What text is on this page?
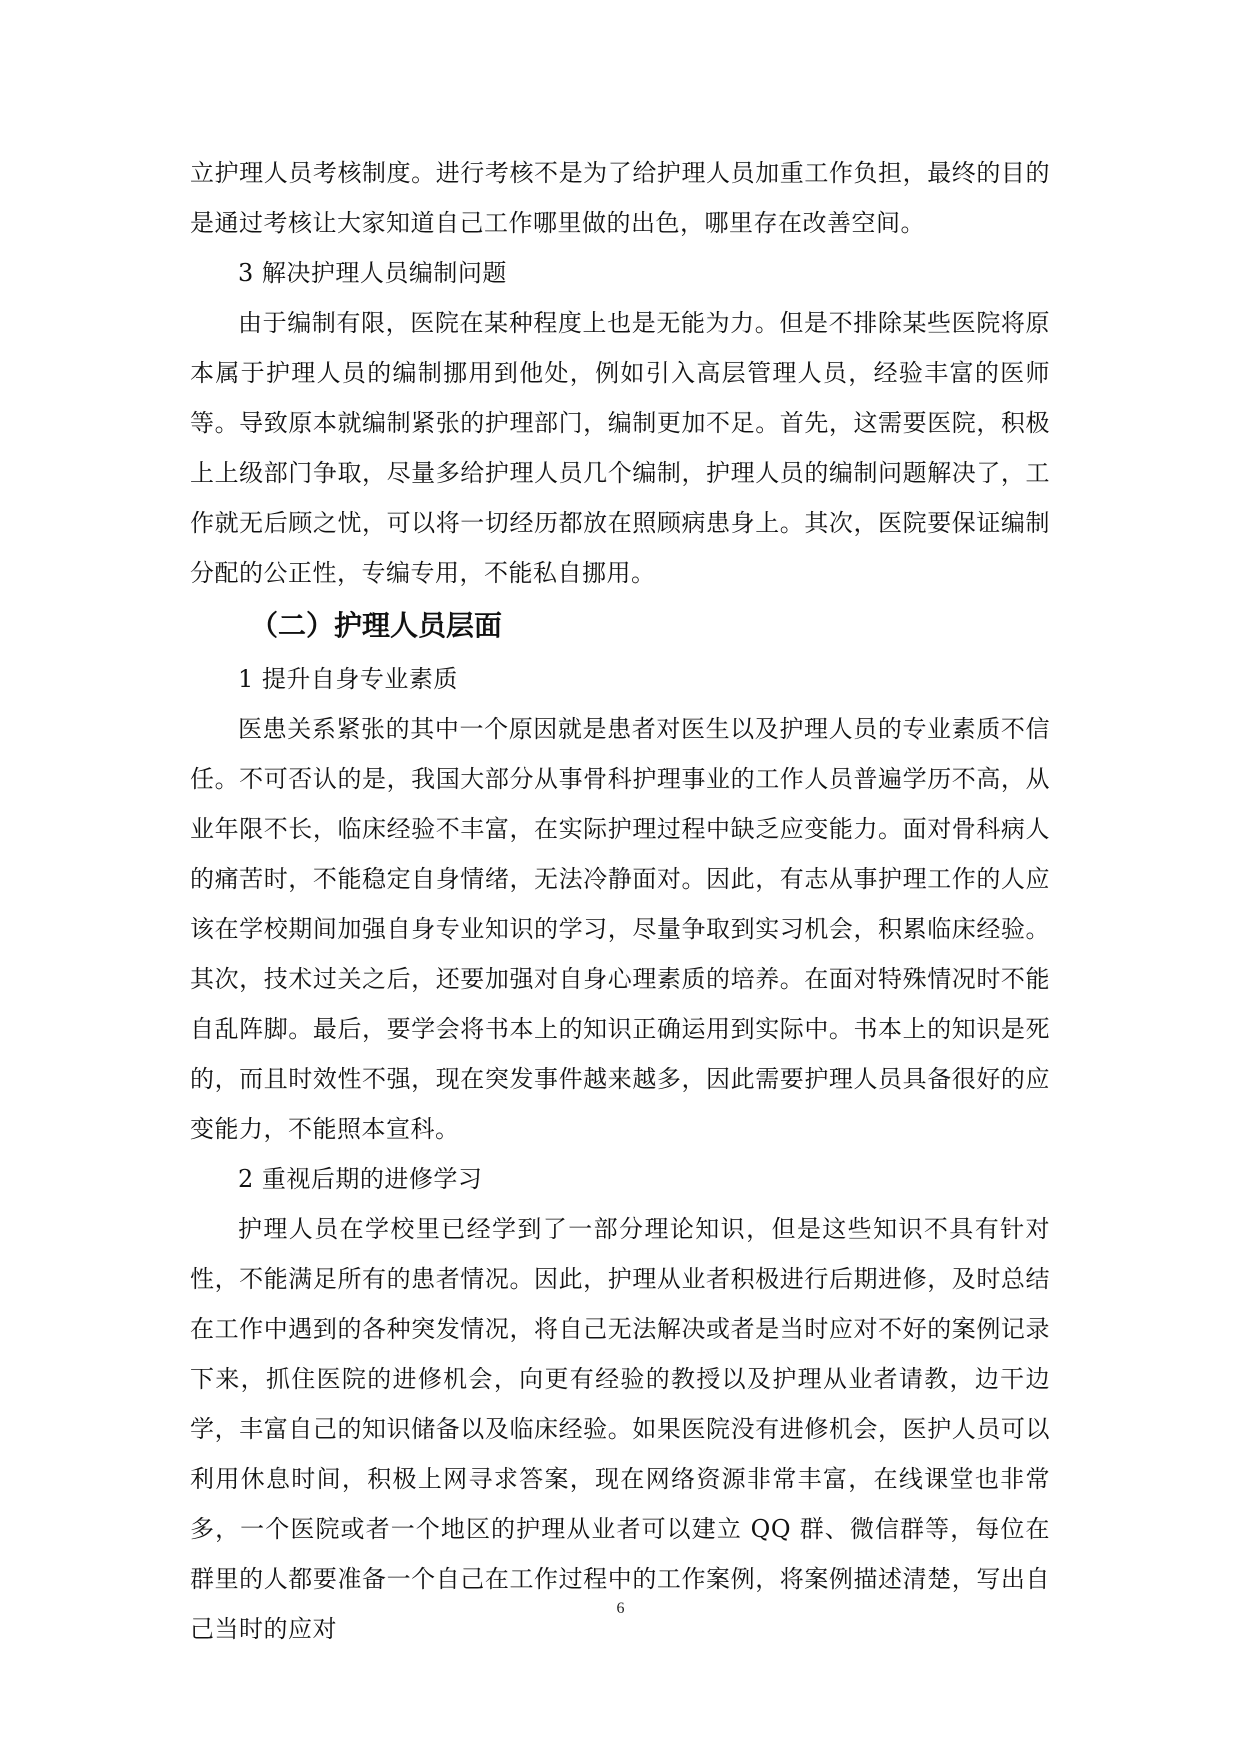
立护理人员考核制度。进行考核不是为了给护理人员加重工作负担，最终的目的是通过考核让大家知道自己工作哪里做的出色，哪里存在改善空间。

3 解决护理人员编制问题

由于编制有限，医院在某种程度上也是无能为力。但是不排除某些医院将原本属于护理人员的编制挪用到他处，例如引入高层管理人员，经验丰富的医师等。导致原本就编制紧张的护理部门，编制更加不足。首先，这需要医院，积极上上级部门争取，尽量多给护理人员几个编制，护理人员的编制问题解决了，工作就无后顾之忧，可以将一切经历都放在照顾病患身上。其次，医院要保证编制分配的公正性，专编专用，不能私自挪用。

（二）护理人员层面

1 提升自身专业素质

医患关系紧张的其中一个原因就是患者对医生以及护理人员的专业素质不信任。不可否认的是，我国大部分从事骨科护理事业的工作人员普遍学历不高，从业年限不长，临床经验不丰富，在实际护理过程中缺乏应变能力。面对骨科病人的痛苦时，不能稳定自身情绪，无法冷静面对。因此，有志从事护理工作的人应该在学校期间加强自身专业知识的学习，尽量争取到实习机会，积累临床经验。其次，技术过关之后，还要加强对自身心理素质的培养。在面对特殊情况时不能自乱阵脚。最后，要学会将书本上的知识正确运用到实际中。书本上的知识是死的，而且时效性不强，现在突发事件越来越多，因此需要护理人员具备很好的应变能力，不能照本宣科。

2 重视后期的进修学习

护理人员在学校里已经学到了一部分理论知识，但是这些知识不具有针对性，不能满足所有的患者情况。因此，护理从业者积极进行后期进修，及时总结在工作中遇到的各种突发情况，将自己无法解决或者是当时应对不好的案例记录下来，抓住医院的进修机会，向更有经验的教授以及护理从业者请教，边干边学，丰富自己的知识储备以及临床经验。如果医院没有进修机会，医护人员可以利用休息时间，积极上网寻求答案，现在网络资源非常丰富，在线课堂也非常多，一个医院或者一个地区的护理从业者可以建立 QQ 群、微信群等，每位在群里的人都要准备一个自己在工作过程中的工作案例，将案例描述清楚，写出自己当时的应对

6
